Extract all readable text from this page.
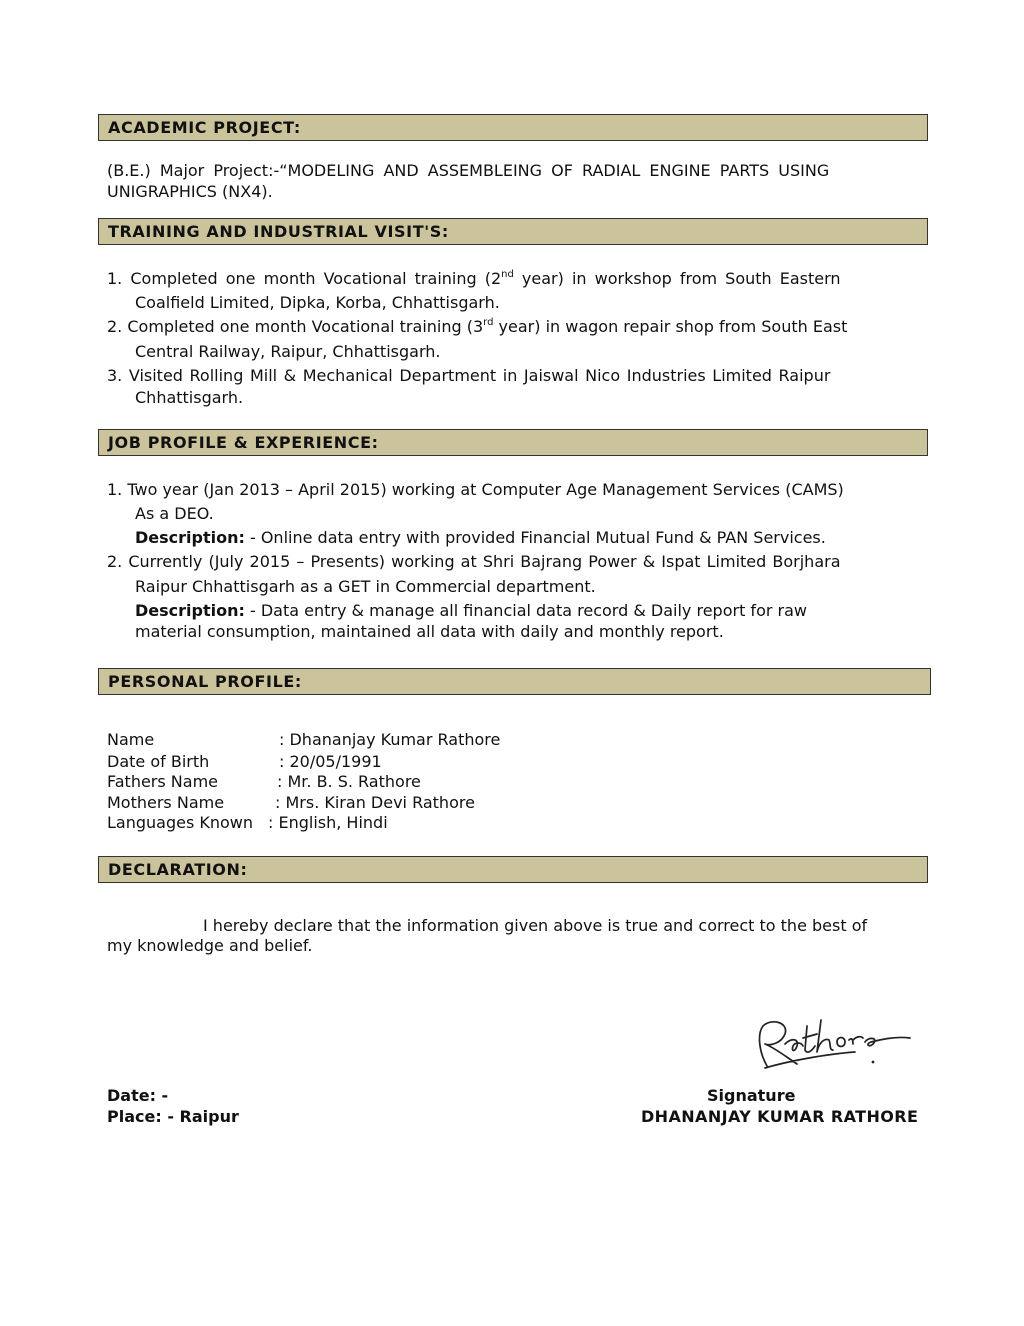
ACADEMIC PROJECT:
(B.E.) Major Project:-“MODELING AND ASSEMBLEING OF RADIAL ENGINE PARTS USING
UNIGRAPHICS (NX4).
TRAINING AND INDUSTRIAL VISIT'S:
1. Completed one month Vocational training (2nd year) in workshop from South Eastern
Coalfield Limited, Dipka, Korba, Chhattisgarh.
2. Completed one month Vocational training (3rd year) in wagon repair shop from South East
Central Railway, Raipur, Chhattisgarh.
3. Visited Rolling Mill & Mechanical Department in Jaiswal Nico Industries Limited Raipur
Chhattisgarh.
JOB PROFILE & EXPERIENCE:
1. Two year (Jan 2013 – April 2015) working at Computer Age Management Services (CAMS)
As a DEO.
Description: - Online data entry with provided Financial Mutual Fund & PAN Services.
2. Currently (July 2015 – Presents) working at Shri Bajrang Power & Ispat Limited Borjhara
Raipur Chhattisgarh as a GET in Commercial department.
Description: - Data entry & manage all financial data record & Daily report for raw
material consumption, maintained all data with daily and monthly report.
PERSONAL PROFILE:
Name	: Dhananjay Kumar Rathore
Date of Birth	: 20/05/1991
Fathers Name	: Mr. B. S. Rathore
Mothers Name	: Mrs. Kiran Devi Rathore
Languages Known : English, Hindi
DECLARATION:
I hereby declare that the information given above is true and correct to the best of
my knowledge and belief.
Date: -
Place: - Raipur
Signature
DHANANJAY KUMAR RATHORE
